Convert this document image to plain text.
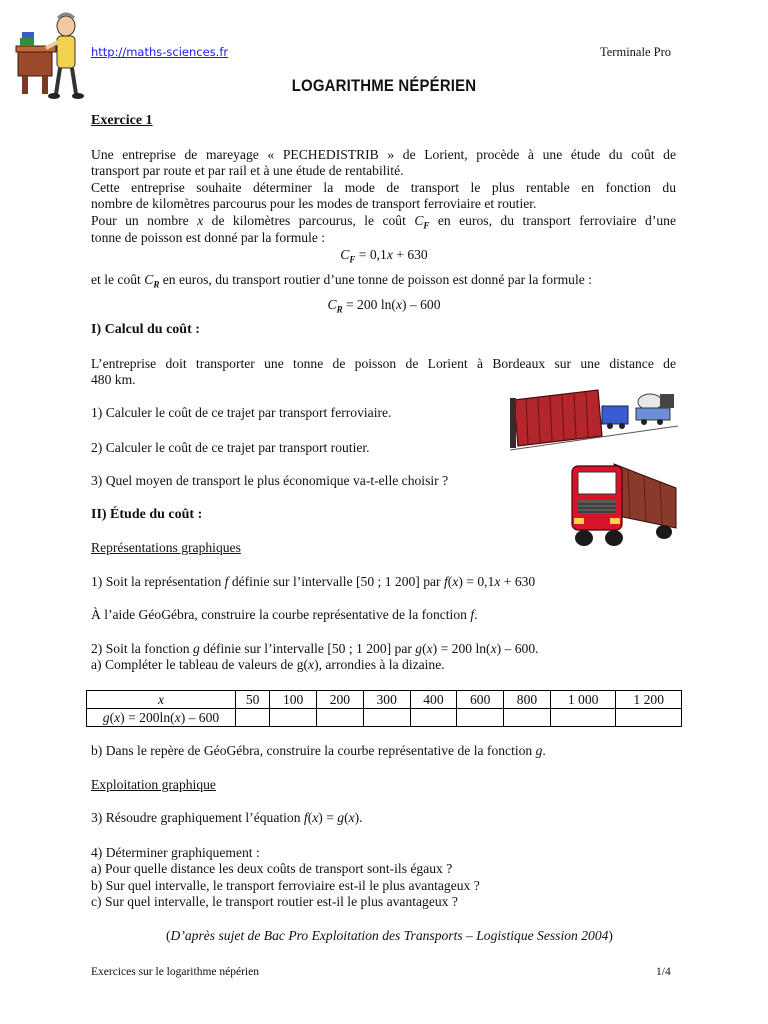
http://maths-sciences.fr	Terminale Pro
LOGARITHME NÉPÉRIEN
Exercice 1
Une entreprise de mareyage « PECHEDISTRIB » de Lorient, procède à une étude du coût de
transport par route et par rail et à une étude de rentabilité.
Cette entreprise souhaite déterminer la mode de transport le plus rentable en fonction du
nombre de kilomètres parcourus pour les modes de transport ferroviaire et routier.
Pour un nombre x de kilomètres parcourus, le coût $C_F$ en euros, du transport ferroviaire d’une
tonne de poisson est donné par la formule :
$C_F = 0,1x + 630$
et le coût $C_R$ en euros, du transport routier d’une tonne de poisson est donné par la formule :
$C_R = 200$ ln(x) – 600
I) Calcul du coût :
L’entreprise doit transporter une tonne de poisson de Lorient à Bordeaux sur une distance de
480 km.
1) Calculer le coût de ce trajet par transport ferroviaire.
2) Calculer le coût de ce trajet par transport routier.
3) Quel moyen de transport le plus économique va-t-elle choisir ?
II) Étude du coût :
Représentations graphiques
1) Soit la représentation f définie sur l’intervalle [50 ; 1 200] par f(x) = 0,1x + 630
À l’aide GéoGébra, construire la courbe représentative de la fonction f.
2) Soit la fonction g définie sur l’intervalle [50 ; 1 200] par g(x) = 200 ln(x) – 600.
a) Compléter le tableau de valeurs de g(x), arrondies à la dizaine.
x	50	100	200	300	400	600	800	1 000	1 200
g(x) = 200ln(x) – 600									
b) Dans le repère de GéoGébra, construire la courbe représentative de la fonction g.
Exploitation graphique
3) Résoudre graphiquement l’équation f(x) = g(x).
4) Déterminer graphiquement :
a) Pour quelle distance les deux coûts de transport sont-ils égaux ?
b) Sur quel intervalle, le transport ferroviaire est-il le plus avantageux ?
c) Sur quel intervalle, le transport routier est-il le plus avantageux ?
(D’après sujet de Bac Pro Exploitation des Transports – Logistique Session 2004)
Exercices sur le logarithme népérien	1/4
